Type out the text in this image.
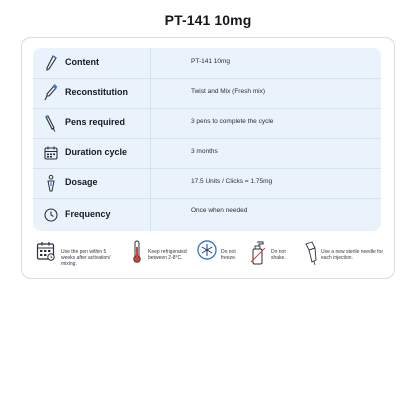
PT-141 10mg
Content	PT-141 10mg
Reconstitution	Twist and Mix (Fresh mix)
Pens required	3 pens to complete the cycle
Duration cycle	3 months
Dosage	17.5 Units / Clicks = 1.75mg
Frequency	Once when needed
Use the pen within 5 weeks after activation/ mixing.
Keep refrigerated between 2-8°C.
Do not freeze.
Do not shake.
Use a new sterile needle for each injection.
